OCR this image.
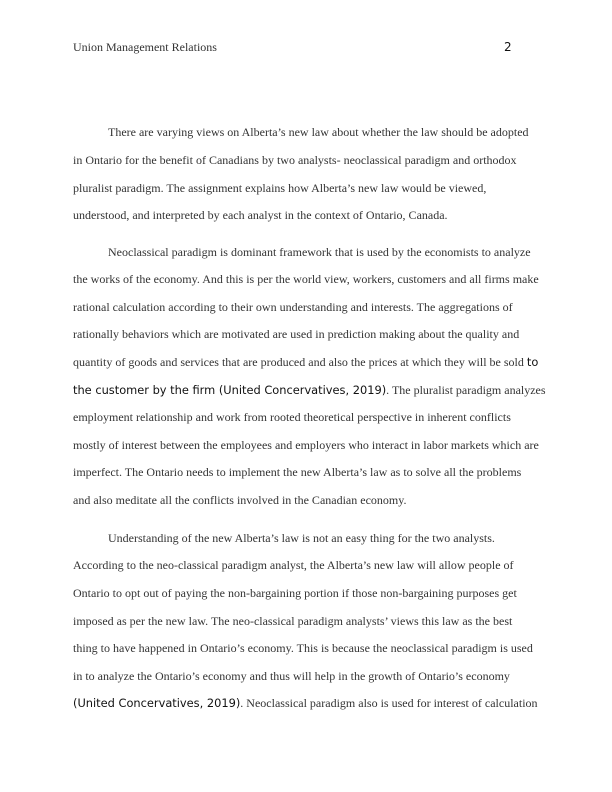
Union Management Relations	2
There are varying views on Alberta’s new law about whether the law should be adopted
in Ontario for the benefit of Canadians by two analysts- neoclassical paradigm and orthodox
pluralist paradigm. The assignment explains how Alberta’s new law would be viewed,
understood, and interpreted by each analyst in the context of Ontario, Canada.
Neoclassical paradigm is dominant framework that is used by the economists to analyze
the works of the economy. And this is per the world view, workers, customers and all firms make
rational calculation according to their own understanding and interests. The aggregations of
rationally behaviors which are motivated are used in prediction making about the quality and
quantity of goods and services that are produced and also the prices at which they will be sold to
the customer by the firm (United Concervatives, 2019). The pluralist paradigm analyzes
employment relationship and work from rooted theoretical perspective in inherent conflicts
mostly of interest between the employees and employers who interact in labor markets which are
imperfect. The Ontario needs to implement the new Alberta’s law as to solve all the problems
and also meditate all the conflicts involved in the Canadian economy.
Understanding of the new Alberta’s law is not an easy thing for the two analysts.
According to the neo-classical paradigm analyst, the Alberta’s new law will allow people of
Ontario to opt out of paying the non-bargaining portion if those non-bargaining purposes get
imposed as per the new law. The neo-classical paradigm analysts’ views this law as the best
thing to have happened in Ontario’s economy. This is because the neoclassical paradigm is used
in to analyze the Ontario’s economy and thus will help in the growth of Ontario’s economy
(United Concervatives, 2019). Neoclassical paradigm also is used for interest of calculation
